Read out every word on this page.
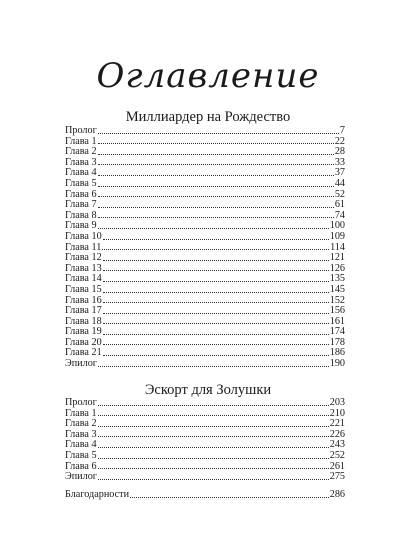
Оглавление
Миллиардер на Рождество
Пролог	7
Глава 1	22
Глава 2	28
Глава 3	33
Глава 4	37
Глава 5	44
Глава 6	52
Глава 7	61
Глава 8	74
Глава 9	100
Глава 10	109
Глава 11	114
Глава 12	121
Глава 13	126
Глава 14	135
Глава 15	145
Глава 16	152
Глава 17	156
Глава 18	161
Глава 19	174
Глава 20	178
Глава 21	186
Эпилог	190
Эскорт для Золушки
Пролог	203
Глава 1	210
Глава 2	221
Глава 3	226
Глава 4	243
Глава 5	252
Глава 6	261
Эпилог	275
Благодарности	286
